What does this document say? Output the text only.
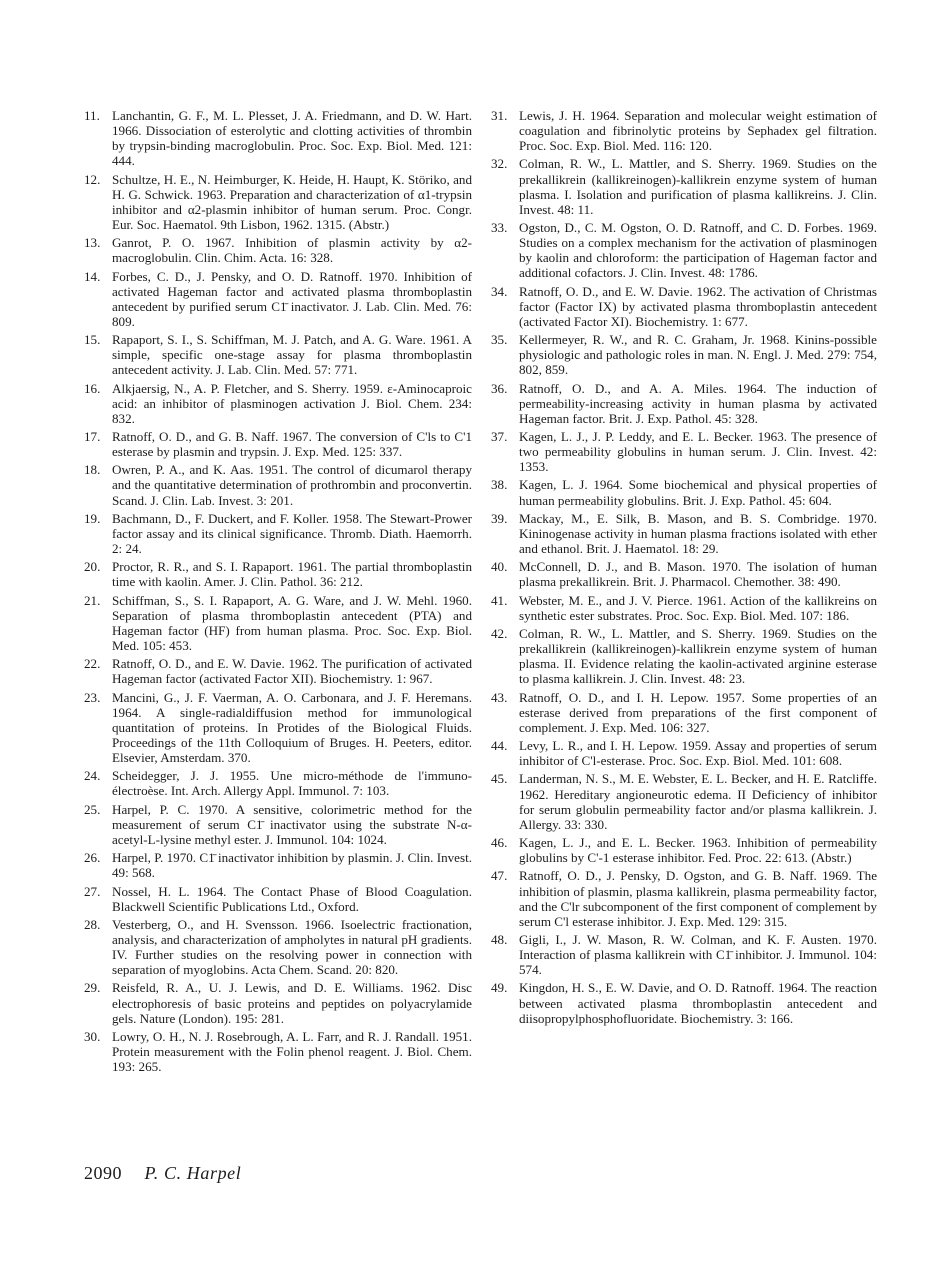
11. Lanchantin, G. F., M. L. Plesset, J. A. Friedmann, and D. W. Hart. 1966. Dissociation of esterolytic and clotting activities of thrombin by trypsin-binding macroglobulin. Proc. Soc. Exp. Biol. Med. 121: 444.
12. Schultze, H. E., N. Heimburger, K. Heide, H. Haupt, K. Störiko, and H. G. Schwick. 1963. Preparation and characterization of α1-trypsin inhibitor and α2-plasmin inhibitor of human serum. Proc. Congr. Eur. Soc. Haematol. 9th Lisbon, 1962. 1315. (Abstr.)
13. Ganrot, P. O. 1967. Inhibition of plasmin activity by α2-macroglobulin. Clin. Chim. Acta. 16: 328.
14. Forbes, C. D., J. Pensky, and O. D. Ratnoff. 1970. Inhibition of activated Hageman factor and activated plasma thromboplastin antecedent by purified serum C1̄ inactivator. J. Lab. Clin. Med. 76: 809.
15. Rapaport, S. I., S. Schiffman, M. J. Patch, and A. G. Ware. 1961. A simple, specific one-stage assay for plasma thromboplastin antecedent activity. J. Lab. Clin. Med. 57: 771.
16. Alkjaersig, N., A. P. Fletcher, and S. Sherry. 1959. ε-Aminocaproic acid: an inhibitor of plasminogen activation J. Biol. Chem. 234: 832.
17. Ratnoff, O. D., and G. B. Naff. 1967. The conversion of C'ls to C'1 esterase by plasmin and trypsin. J. Exp. Med. 125: 337.
18. Owren, P. A., and K. Aas. 1951. The control of dicumarol therapy and the quantitative determination of prothrombin and proconvertin. Scand. J. Clin. Lab. Invest. 3: 201.
19. Bachmann, D., F. Duckert, and F. Koller. 1958. The Stewart-Prower factor assay and its clinical significance. Thromb. Diath. Haemorrh. 2: 24.
20. Proctor, R. R., and S. I. Rapaport. 1961. The partial thromboplastin time with kaolin. Amer. J. Clin. Pathol. 36: 212.
21. Schiffman, S., S. I. Rapaport, A. G. Ware, and J. W. Mehl. 1960. Separation of plasma thromboplastin antecedent (PTA) and Hageman factor (HF) from human plasma. Proc. Soc. Exp. Biol. Med. 105: 453.
22. Ratnoff, O. D., and E. W. Davie. 1962. The purification of activated Hageman factor (activated Factor XII). Biochemistry. 1: 967.
23. Mancini, G., J. F. Vaerman, A. O. Carbonara, and J. F. Heremans. 1964. A single-radialdiffusion method for immunological quantitation of proteins. In Protides of the Biological Fluids. Proceedings of the 11th Colloquium of Bruges. H. Peeters, editor. Elsevier, Amsterdam. 370.
24. Scheidegger, J. J. 1955. Une micro-méthode de l'immuno-électroèse. Int. Arch. Allergy Appl. Immunol. 7: 103.
25. Harpel, P. C. 1970. A sensitive, colorimetric method for the measurement of serum C1̄ inactivator using the substrate N-α-acetyl-L-lysine methyl ester. J. Immunol. 104: 1024.
26. Harpel, P. 1970. C1̄ inactivator inhibition by plasmin. J. Clin. Invest. 49: 568.
27. Nossel, H. L. 1964. The Contact Phase of Blood Coagulation. Blackwell Scientific Publications Ltd., Oxford.
28. Vesterberg, O., and H. Svensson. 1966. Isoelectric fractionation, analysis, and characterization of ampholytes in natural pH gradients. IV. Further studies on the resolving power in connection with separation of myoglobins. Acta Chem. Scand. 20: 820.
29. Reisfeld, R. A., U. J. Lewis, and D. E. Williams. 1962. Disc electrophoresis of basic proteins and peptides on polyacrylamide gels. Nature (London). 195: 281.
30. Lowry, O. H., N. J. Rosebrough, A. L. Farr, and R. J. Randall. 1951. Protein measurement with the Folin phenol reagent. J. Biol. Chem. 193: 265.
31. Lewis, J. H. 1964. Separation and molecular weight estimation of coagulation and fibrinolytic proteins by Sephadex gel filtration. Proc. Soc. Exp. Biol. Med. 116: 120.
32. Colman, R. W., L. Mattler, and S. Sherry. 1969. Studies on the prekallikrein (kallikreinogen)-kallikrein enzyme system of human plasma. I. Isolation and purification of plasma kallikreins. J. Clin. Invest. 48: 11.
33. Ogston, D., C. M. Ogston, O. D. Ratnoff, and C. D. Forbes. 1969. Studies on a complex mechanism for the activation of plasminogen by kaolin and chloroform: the participation of Hageman factor and additional cofactors. J. Clin. Invest. 48: 1786.
34. Ratnoff, O. D., and E. W. Davie. 1962. The activation of Christmas factor (Factor IX) by activated plasma thromboplastin antecedent (activated Factor XI). Biochemistry. 1: 677.
35. Kellermeyer, R. W., and R. C. Graham, Jr. 1968. Kinins-possible physiologic and pathologic roles in man. N. Engl. J. Med. 279: 754, 802, 859.
36. Ratnoff, O. D., and A. A. Miles. 1964. The induction of permeability-increasing activity in human plasma by activated Hageman factor. Brit. J. Exp. Pathol. 45: 328.
37. Kagen, L. J., J. P. Leddy, and E. L. Becker. 1963. The presence of two permeability globulins in human serum. J. Clin. Invest. 42: 1353.
38. Kagen, L. J. 1964. Some biochemical and physical properties of human permeability globulins. Brit. J. Exp. Pathol. 45: 604.
39. Mackay, M., E. Silk, B. Mason, and B. S. Combridge. 1970. Kininogenase activity in human plasma fractions isolated with ether and ethanol. Brit. J. Haematol. 18: 29.
40. McConnell, D. J., and B. Mason. 1970. The isolation of human plasma prekallikrein. Brit. J. Pharmacol. Chemother. 38: 490.
41. Webster, M. E., and J. V. Pierce. 1961. Action of the kallikreins on synthetic ester substrates. Proc. Soc. Exp. Biol. Med. 107: 186.
42. Colman, R. W., L. Mattler, and S. Sherry. 1969. Studies on the prekallikrein (kallikreinogen)-kallikrein enzyme system of human plasma. II. Evidence relating the kaolin-activated arginine esterase to plasma kallikrein. J. Clin. Invest. 48: 23.
43. Ratnoff, O. D., and I. H. Lepow. 1957. Some properties of an esterase derived from preparations of the first component of complement. J. Exp. Med. 106: 327.
44. Levy, L. R., and I. H. Lepow. 1959. Assay and properties of serum inhibitor of C'l-esterase. Proc. Soc. Exp. Biol. Med. 101: 608.
45. Landerman, N. S., M. E. Webster, E. L. Becker, and H. E. Ratcliffe. 1962. Hereditary angioneurotic edema. II Deficiency of inhibitor for serum globulin permeability factor and/or plasma kallikrein. J. Allergy. 33: 330.
46. Kagen, L. J., and E. L. Becker. 1963. Inhibition of permeability globulins by C'-1 esterase inhibitor. Fed. Proc. 22: 613. (Abstr.)
47. Ratnoff, O. D., J. Pensky, D. Ogston, and G. B. Naff. 1969. The inhibition of plasmin, plasma kallikrein, plasma permeability factor, and the C'lr subcomponent of the first component of complement by serum C'l esterase inhibitor. J. Exp. Med. 129: 315.
48. Gigli, I., J. W. Mason, R. W. Colman, and K. F. Austen. 1970. Interaction of plasma kallikrein with C1̄ inhibitor. J. Immunol. 104: 574.
49. Kingdon, H. S., E. W. Davie, and O. D. Ratnoff. 1964. The reaction between activated plasma thromboplastin antecedent and diisopropylphosphofluoridate. Biochemistry. 3: 166.
2090 P. C. Harpel
